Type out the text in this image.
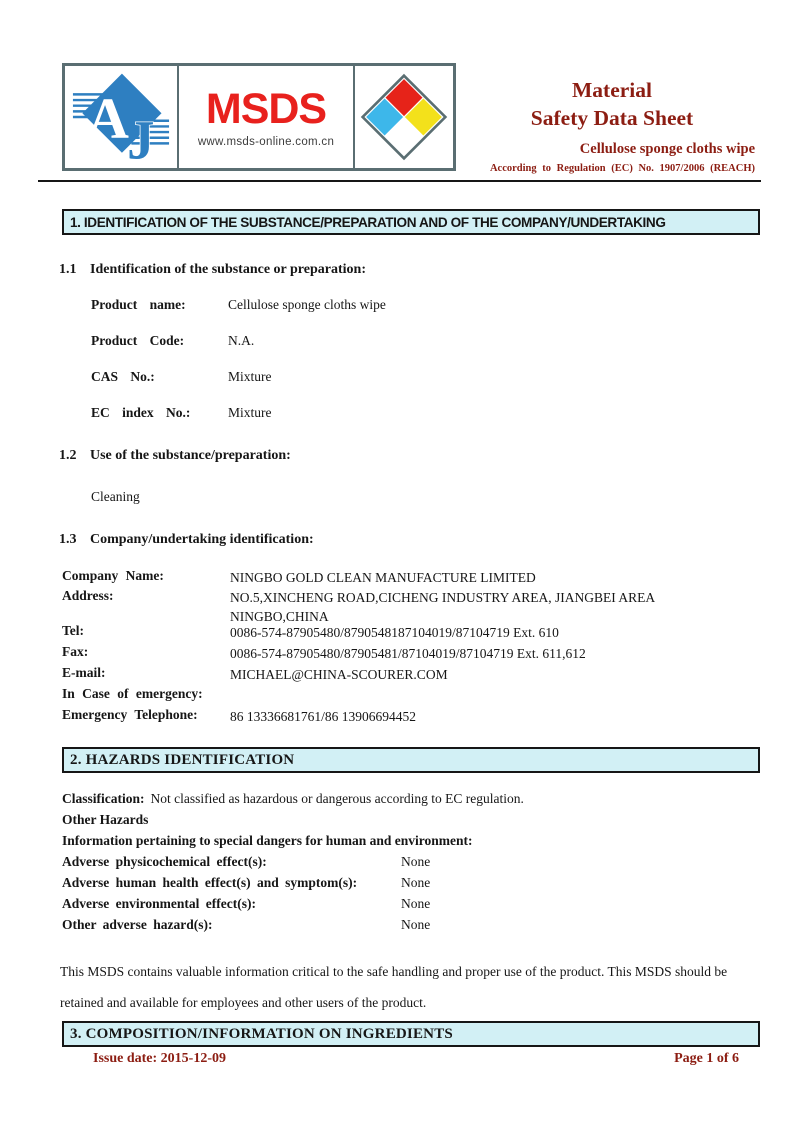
A
J
MSDS
www.msds-online.com.cn
Material
Safety Data Sheet
Cellulose sponge cloths wipe
According to Regulation (EC) No. 1907/2006 (REACH)
1. IDENTIFICATION OF THE SUBSTANCE/PREPARATION AND OF THE COMPANY/UNDERTAKING
1.1 Identification of the substance or preparation:
Product name:	Cellulose sponge cloths wipe
Product Code:	N.A.
CAS No.:	Mixture
EC index No.:	Mixture
1.2 Use of the substance/preparation:
Cleaning
1.3 Company/undertaking identification:
Company Name:	NINGBO GOLD CLEAN MANUFACTURE LIMITED
Address:	NO.5,XINCHENG ROAD,CICHENG INDUSTRY AREA, JIANGBEI AREA
NINGBO,CHINA
Tel:	0086-574-87905480/8790548187104019/87104719 Ext. 610
Fax:	0086-574-87905480/87905481/87104019/87104719 Ext. 611,612
E-mail:	MICHAEL@CHINA-SCOURER.COM
In Case of emergency:
Emergency Telephone:	86 13336681761/86 13906694452
2. HAZARDS IDENTIFICATION
Classification: Not classified as hazardous or dangerous according to EC regulation.
Other Hazards
Information pertaining to special dangers for human and environment:
Adverse physicochemical effect(s):	None
Adverse human health effect(s) and symptom(s):	None
Adverse environmental effect(s):	None
Other adverse hazard(s):	None
This MSDS contains valuable information critical to the safe handling and proper use of the product. This MSDS should be retained and available for employees and other users of the product.
3. COMPOSITION/INFORMATION ON INGREDIENTS
Issue date: 2015-12-09	Page 1 of 6
